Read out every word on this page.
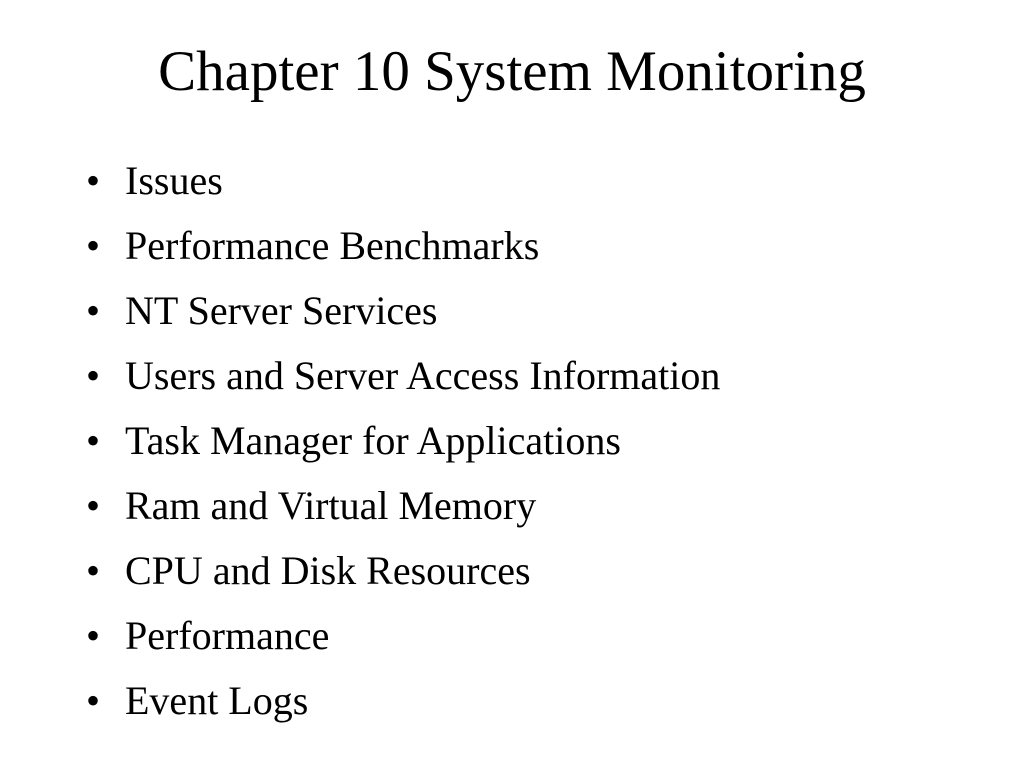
Chapter 10 System Monitoring
• Issues
• Performance Benchmarks
• NT Server Services
• Users and Server Access Information
• Task Manager for Applications
• Ram and Virtual Memory
• CPU and Disk Resources
• Performance
• Event Logs
